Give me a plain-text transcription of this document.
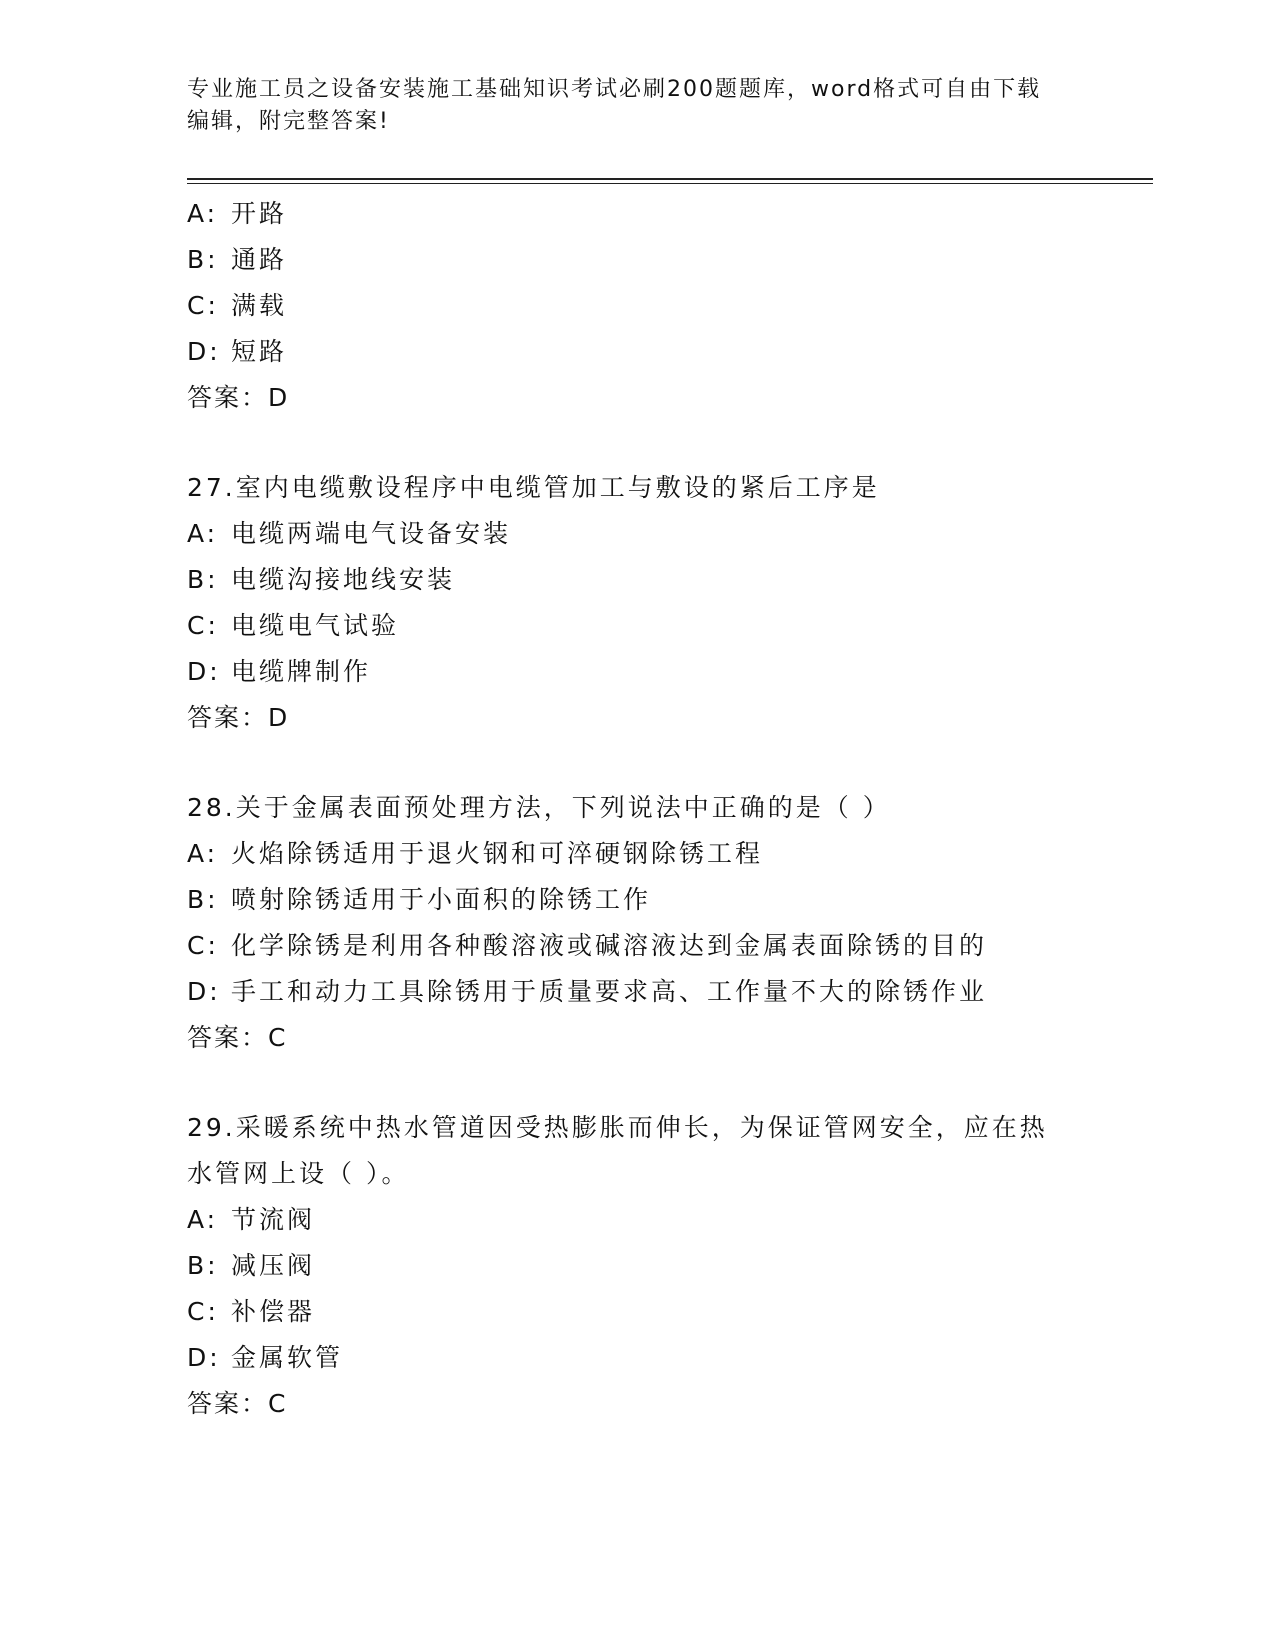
专业施工员之设备安装施工基础知识考试必刷200题题库，word格式可自由下载
编辑，附完整答案!
A: 开路
B: 通路
C: 满载
D: 短路
答案：D
27.室内电缆敷设程序中电缆管加工与敷设的紧后工序是
A: 电缆两端电气设备安装
B: 电缆沟接地线安装
C: 电缆电气试验
D: 电缆牌制作
答案：D
28.关于金属表面预处理方法，下列说法中正确的是（ ）
A: 火焰除锈适用于退火钢和可淬硬钢除锈工程
B: 喷射除锈适用于小面积的除锈工作
C: 化学除锈是利用各种酸溶液或碱溶液达到金属表面除锈的目的
D: 手工和动力工具除锈用于质量要求高、工作量不大的除锈作业
答案：C
29.采暖系统中热水管道因受热膨胀而伸长，为保证管网安全，应在热水管网上设（ ）。
A: 节流阀
B: 减压阀
C: 补偿器
D: 金属软管
答案：C
